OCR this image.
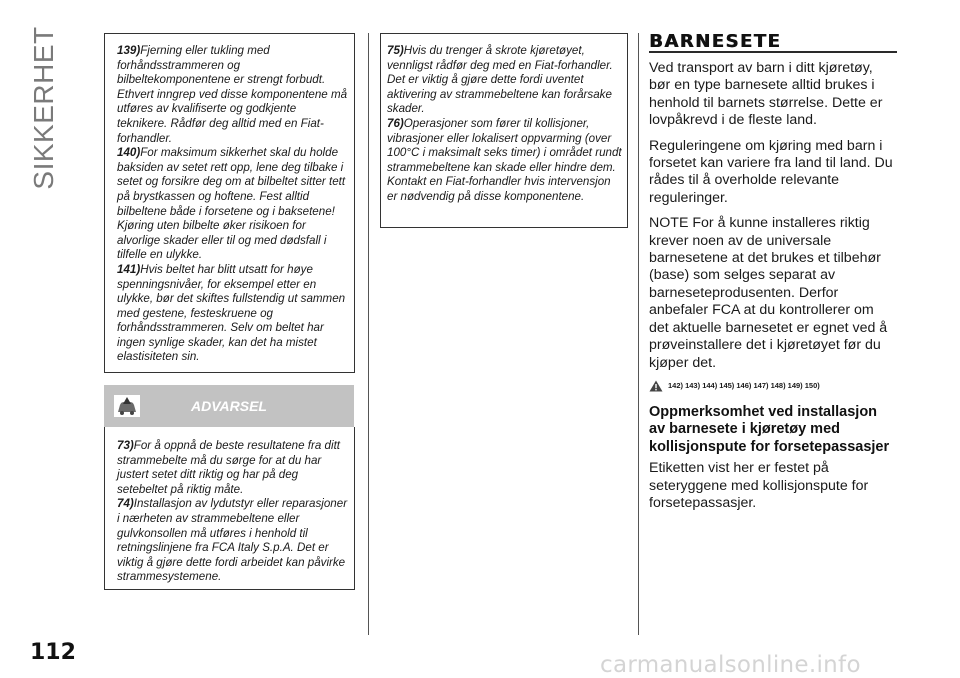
SIKKERHET
112

139)Fjerning eller tukling med forhåndsstrammeren og bilbeltekomponentene er strengt forbudt. Ethvert inngrep ved disse komponentene må utføres av kvalifiserte og godkjente teknikere. Rådfør deg alltid med en Fiat-forhandler.

140)For maksimum sikkerhet skal du holde baksiden av setet rett opp, lene deg tilbake i setet og forsikre deg om at bilbeltet sitter tett på brystkassen og hoftene. Fest alltid bilbeltene både i forsetene og i baksetene! Kjøring uten bilbelte øker risikoen for alvorlige skader eller til og med dødsfall i tilfelle en ulykke.

141)Hvis beltet har blitt utsatt for høye spenningsnivåer, for eksempel etter en ulykke, bør det skiftes fullstendig ut sammen med gestene, festeskruene og forhåndsstrammeren. Selv om beltet har ingen synlige skader, kan det ha mistet elastisiteten sin.

ADVARSEL

73)For å oppnå de beste resultatene fra ditt strammebelte må du sørge for at du har justert setet ditt riktig og har på deg setebeltet på riktig måte.

74)Installasjon av lydutstyr eller reparasjoner i nærheten av strammebeltene eller gulvkonsollen må utføres i henhold til retningslinjene fra FCA Italy S.p.A. Det er viktig å gjøre dette fordi arbeidet kan påvirke strammesystemene.

75)Hvis du trenger å skrote kjøretøyet, vennligst rådfør deg med en Fiat-forhandler. Det er viktig å gjøre dette fordi uventet aktivering av strammebeltene kan forårsake skader.

76)Operasjoner som fører til kollisjoner, vibrasjoner eller lokalisert oppvarming (over 100°C i maksimalt seks timer) i området rundt strammebeltene kan skade eller hindre dem. Kontakt en Fiat-forhandler hvis intervensjon er nødvendig på disse komponentene.

BARNESETE

Ved transport av barn i ditt kjøretøy, bør en type barnesete alltid brukes i henhold til barnets størrelse. Dette er lovpåkrevd i de fleste land.

Reguleringene om kjøring med barn i forsetet kan variere fra land til land. Du rådes til å overholde relevante reguleringer.

NOTE For å kunne installeres riktig krever noen av de universale barnesetene at det brukes et tilbehør (base) som selges separat av barneseteprodusenten. Derfor anbefaler FCA at du kontrollerer om det aktuelle barnesetet er egnet ved å prøveinstallere det i kjøretøyet før du kjøper det.

142) 143) 144) 145) 146) 147) 148) 149) 150)

Oppmerksomhet ved installasjon av barnesete i kjøretøy med kollisjonspute for forsetepassasjer

Etiketten vist her er festet på seteryggene med kollisjonspute for forsetepassasjer.

carmanualsonline.info
